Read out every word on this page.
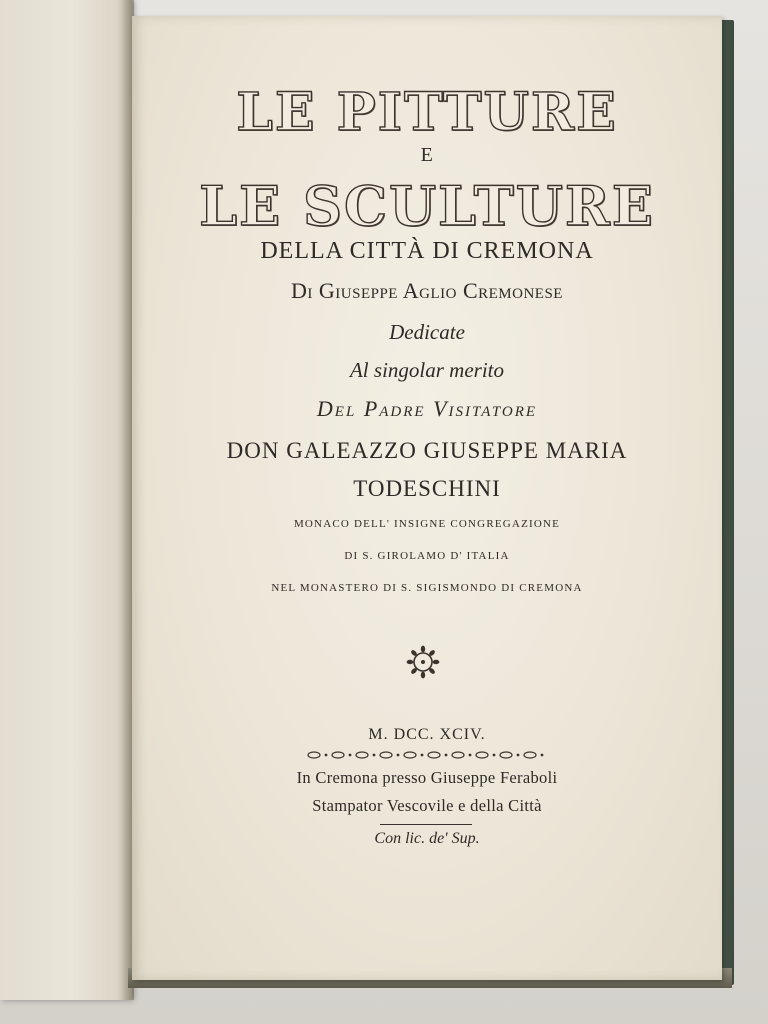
LE PITTURE
E
LE SCULTURE
DELLA CITTÀ DI CREMONA
Di Giuseppe Aglio Cremonese
Dedicate
Al singolar merito
Del Padre Visitatore
DON GALEAZZO GIUSEPPE MARIA
TODESCHINI
MONACO DELL' INSIGNE CONGREGAZIONE
DI S. GIROLAMO D' ITALIA
NEL MONASTERO DI S. SIGISMONDO DI CREMONA
M. DCC. XCIV.
In Cremona presso Giuseppe Feraboli
Stampator Vescovile e della Città
Con lic. de' Sup.
